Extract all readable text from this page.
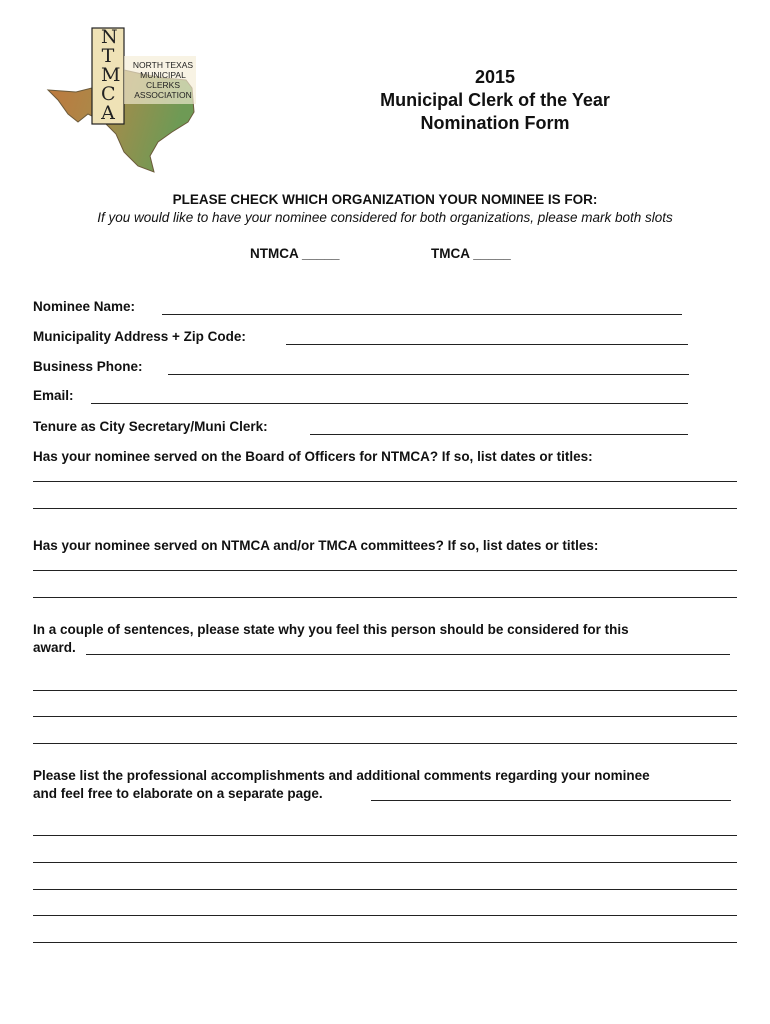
NTMCA
NORTH TEXAS
MUNICIPAL CLERKS
ASSOCIATION
2015
Municipal Clerk of the Year
Nomination Form
PLEASE CHECK WHICH ORGANIZATION YOUR NOMINEE IS FOR:
If you would like to have your nominee considered for both organizations, please mark both slots
NTMCA _____	TMCA _____
Nominee Name:
Municipality Address + Zip Code:
Business Phone:
Email:
Tenure as City Secretary/Muni Clerk:
Has your nominee served on the Board of Officers for NTMCA? If so, list dates or titles:
Has your nominee served on NTMCA and/or TMCA committees? If so, list dates or titles:
In a couple of sentences, please state why you feel this person should be considered for this
award.
Please list the professional accomplishments and additional comments regarding your nominee
and feel free to elaborate on a separate page.
